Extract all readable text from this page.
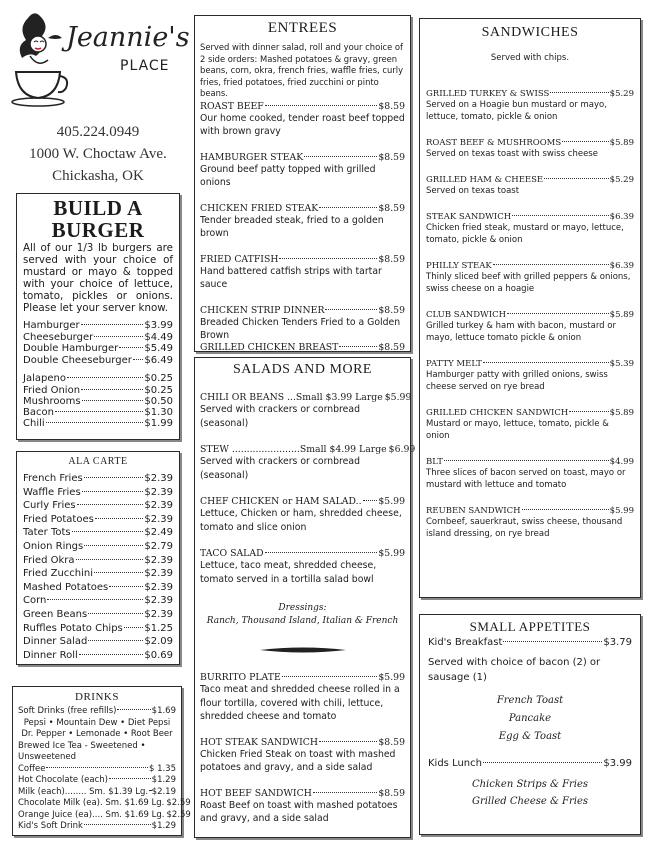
Jeannie's
PLACE
405.224.0949
1000 W. Choctaw Ave.
Chickasha, OK
BUILD A
BURGER
All of our 1/3 lb burgers are served with your choice of mustard or mayo & topped with your choice of lettuce, tomato, pickles or onions. Please let your server know.
Hamburger	$3.99
Cheeseburger	$4.49
Double Hamburger	$5.49
Double Cheeseburger $6.49
Jalapeno	$0.25
Fried Onion	$0.25
Mushrooms	$0.50
Bacon	$1.30
Chili	$1.99
ALA CARTE
French Fries	$2.39
Waffle Fries	$2.39
Curly Fries	$2.39
Fried Potatoes	$2.39
Tater Tots	$2.49
Onion Rings	$2.79
Fried Okra	$2.39
Fried Zucchini	$2.39
Mashed Potatoes	$2.39
Corn	$2.39
Green Beans	$2.39
Ruffles Potato Chips $1.25
Dinner Salad	$2.09
Dinner Roll	$0.69
DRINKS
Soft Drinks (free refills)	$1.69
Pepsi • Mountain Dew • Diet Pepsi
Dr. Pepper • Lemonade • Root Beer
Brewed Ice Tea - Sweetened • Unsweetened
Coffee	$ 1.35
Hot Chocolate (each)	$1.29
Milk (each)........ Sm. $1.39 Lg. $2.19
Chocolate Milk (ea). Sm. $1.69 Lg. $2.59
Orange Juice (ea).... Sm. $1.69 Lg. $2.59
Kid's Soft Drink	$1.29
ENTREES
Served with dinner salad, roll and your choice of 2 side orders: Mashed potatoes & gravy, green beans, corn, okra, french fries, waffle fries, curly fries, fried potatoes, fried zucchini or pinto beans.
ROAST BEEF	$8.59
Our home cooked, tender roast beef topped with brown gravy
HAMBURGER STEAK	$8.59
Ground beef patty topped with grilled onions
CHICKEN FRIED STEAK	$8.59
Tender breaded steak, fried to a golden brown
FRIED CATFISH	$8.59
Hand battered catfish strips with tartar sauce
CHICKEN STRIP DINNER	$8.59
Breaded Chicken Tenders Fried to a Golden Brown
GRILLED CHICKEN BREAST	$8.59
SALADS AND MORE
CHILI OR BEANS ...Small $3.99 Large $5.99
Served with crackers or cornbread (seasonal)
STEW .......................Small $4.99 Large $6.99
Served with crackers or cornbread (seasonal)
CHEF CHICKEN or HAM SALAD.. $5.99
Lettuce, Chicken or ham, shredded cheese, tomato and slice onion
TACO SALAD	$5.99
Lettuce, taco meat, shredded cheese, tomato served in a tortilla salad bowl
Dressings:
Ranch, Thousand Island, Italian & French
BURRITO PLATE	$5.99
Taco meat and shredded cheese rolled in a flour tortilla, covered with chili, lettuce, shredded cheese and tomato
HOT STEAK SANDWICH	$8.59
Chicken Fried Steak on toast with mashed potatoes and gravy, and a side salad
HOT BEEF SANDWICH	$8.59
Roast Beef on toast with mashed potatoes and gravy, and a side salad
SANDWICHES
Served with chips.
GRILLED TURKEY & SWISS	$5.29
Served on a Hoagie bun mustard or mayo, lettuce, tomato, pickle & onion
ROAST BEEF & MUSHROOMS	$5.89
Served on texas toast with swiss cheese
GRILLED HAM & CHEESE	$5.29
Served on texas toast
STEAK SANDWICH	$6.39
Chicken fried steak, mustard or mayo, lettuce, tomato, pickle & onion
PHILLY STEAK	$6.39
Thinly sliced beef with grilled peppers & onions, swiss cheese on a hoagie
CLUB SANDWICH	$5.89
Grilled turkey & ham with bacon, mustard or mayo, lettuce tomato pickle & onion
PATTY MELT	$5.39
Hamburger patty with grilled onions, swiss cheese served on rye bread
GRILLED CHICKEN SANDWICH	$5.89
Mustard or mayo, lettuce, tomato, pickle & onion
BLT	$4.99
Three slices of bacon served on toast, mayo or mustard with lettuce and tomato
REUBEN SANDWICH	$5.99
Cornbeef, sauerkraut, swiss cheese, thousand island dressing, on rye bread
SMALL APPETITES
Kid's Breakfast	$3.79
Served with choice of bacon (2) or sausage (1)
French Toast
Pancake
Egg & Toast
Kids Lunch	$3.99
Chicken Strips & Fries
Grilled Cheese & Fries
